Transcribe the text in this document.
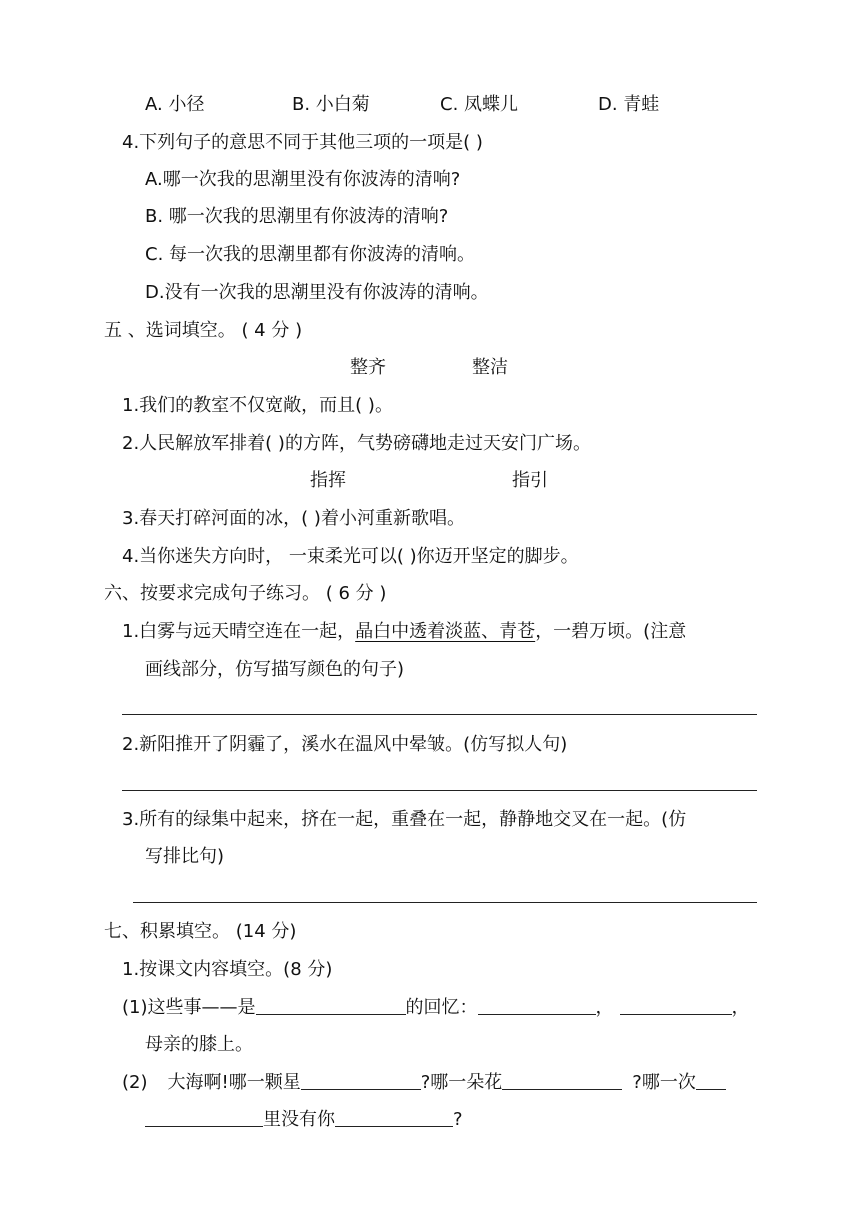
A. 小径	B. 小白菊	C. 凤蝶儿	D. 青蛙
4.下列句子的意思不同于其他三项的一项是( )
A.哪一次我的思潮里没有你波涛的清响?
B. 哪一次我的思潮里有你波涛的清响?
C. 每一次我的思潮里都有你波涛的清响。
D.没有一次我的思潮里没有你波涛的清响。
五 、选词填空。 ( 4 分 )
整齐	整洁
1.我们的教室不仅宽敞，而且( )。
2.人民解放军排着( )的方阵，气势磅礴地走过天安门广场。
指挥	指引
3.春天打碎河面的冰，( )着小河重新歌唱。
4.当你迷失方向时， 一束柔光可以( )你迈开坚定的脚步。
六、按要求完成句子练习。 ( 6 分 )
1.白雾与远天晴空连在一起，晶白中透着淡蓝、青苍，一碧万顷。(注意
画线部分，仿写描写颜色的句子)
2.新阳推开了阴霾了，溪水在温风中晕皱。(仿写拟人句)
3.所有的绿集中起来，挤在一起，重叠在一起，静静地交叉在一起。(仿
写排比句)
七、积累填空。 (14 分)
1.按课文内容填空。(8 分)
(1)这些事——是	的回忆：	，	，
母亲的膝上。
(2) 大海啊!哪一颗星	?哪一朵花	?哪一次
里没有你	?
